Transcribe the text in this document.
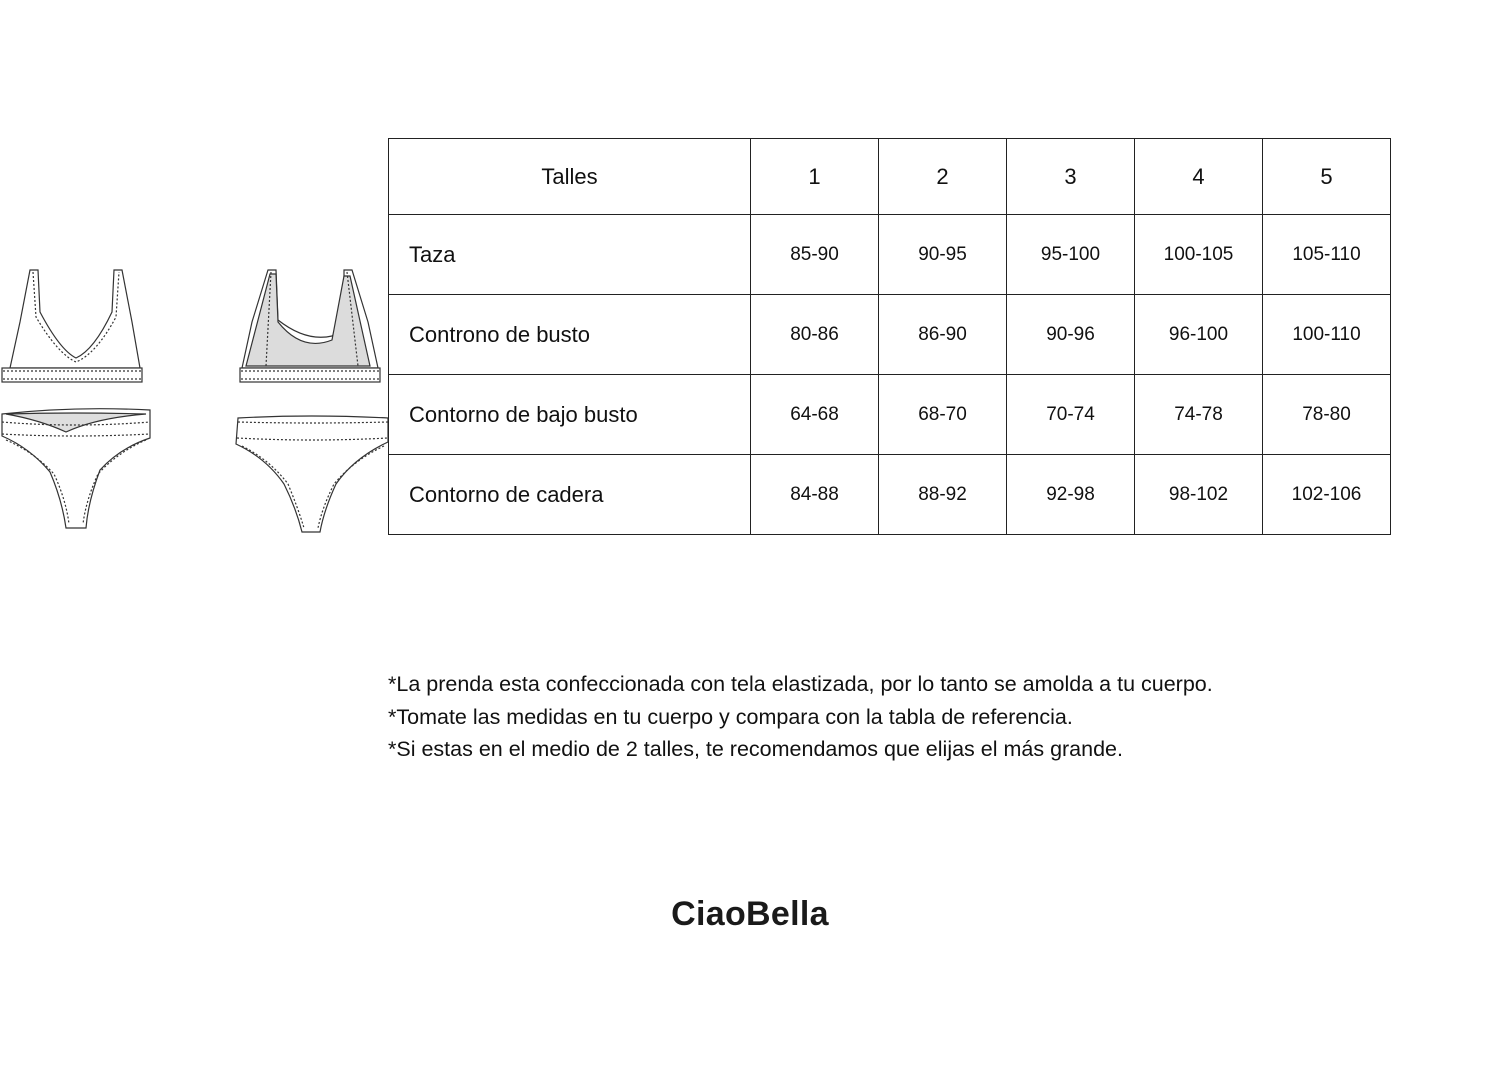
Talles	1	2	3	4	5
Taza	85-90	90-95	95-100	100-105	105-110
Controno de busto	80-86	86-90	90-96	96-100	100-110
Contorno de bajo busto	64-68	68-70	70-74	74-78	78-80
Contorno de cadera	84-88	88-92	92-98	98-102	102-106
*La prenda esta confeccionada con tela elastizada, por lo tanto se amolda a tu cuerpo.
*Tomate las medidas en tu cuerpo y compara con la tabla de referencia.
*Si estas en el medio de 2 talles, te recomendamos que elijas el más grande.
CiaoBella
